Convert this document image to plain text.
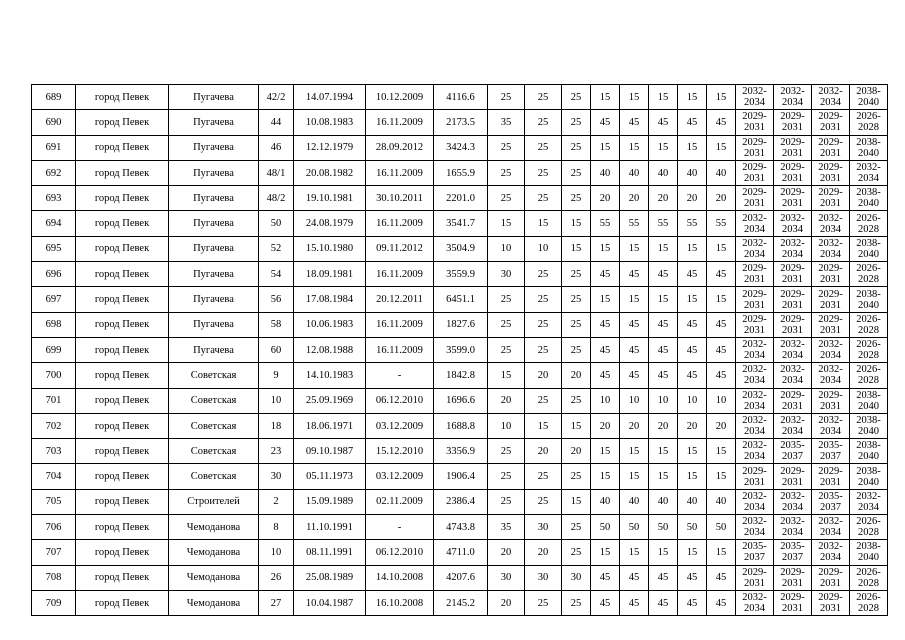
689	город Певек	Пугачева	42/2	14.07.1994	10.12.2009	4116.6	25	25	25	15	15	15	15	15	2032-2034	2032-2034	2032-2034	2038-2040
690	город Певек	Пугачева	44	10.08.1983	16.11.2009	2173.5	35	25	25	45	45	45	45	45	2029-2031	2029-2031	2029-2031	2026-2028
691	город Певек	Пугачева	46	12.12.1979	28.09.2012	3424.3	25	25	25	15	15	15	15	15	2029-2031	2029-2031	2029-2031	2038-2040
692	город Певек	Пугачева	48/1	20.08.1982	16.11.2009	1655.9	25	25	25	40	40	40	40	40	2029-2031	2029-2031	2029-2031	2032-2034
693	город Певек	Пугачева	48/2	19.10.1981	30.10.2011	2201.0	25	25	25	20	20	20	20	20	2029-2031	2029-2031	2029-2031	2038-2040
694	город Певек	Пугачева	50	24.08.1979	16.11.2009	3541.7	15	15	15	55	55	55	55	55	2032-2034	2032-2034	2032-2034	2026-2028
695	город Певек	Пугачева	52	15.10.1980	09.11.2012	3504.9	10	10	15	15	15	15	15	15	2032-2034	2032-2034	2032-2034	2038-2040
696	город Певек	Пугачева	54	18.09.1981	16.11.2009	3559.9	30	25	25	45	45	45	45	45	2029-2031	2029-2031	2029-2031	2026-2028
697	город Певек	Пугачева	56	17.08.1984	20.12.2011	6451.1	25	25	25	15	15	15	15	15	2029-2031	2029-2031	2029-2031	2038-2040
698	город Певек	Пугачева	58	10.06.1983	16.11.2009	1827.6	25	25	25	45	45	45	45	45	2029-2031	2029-2031	2029-2031	2026-2028
699	город Певек	Пугачева	60	12.08.1988	16.11.2009	3599.0	25	25	25	45	45	45	45	45	2032-2034	2032-2034	2032-2034	2026-2028
700	город Певек	Советская	9	14.10.1983	-	1842.8	15	20	20	45	45	45	45	45	2032-2034	2032-2034	2032-2034	2026-2028
701	город Певек	Советская	10	25.09.1969	06.12.2010	1696.6	20	25	25	10	10	10	10	10	2032-2034	2029-2031	2029-2031	2038-2040
702	город Певек	Советская	18	18.06.1971	03.12.2009	1688.8	10	15	15	20	20	20	20	20	2032-2034	2032-2034	2032-2034	2038-2040
703	город Певек	Советская	23	09.10.1987	15.12.2010	3356.9	25	20	20	15	15	15	15	15	2032-2034	2035-2037	2035-2037	2038-2040
704	город Певек	Советская	30	05.11.1973	03.12.2009	1906.4	25	25	25	15	15	15	15	15	2029-2031	2029-2031	2029-2031	2038-2040
705	город Певек	Строителей	2	15.09.1989	02.11.2009	2386.4	25	25	15	40	40	40	40	40	2032-2034	2032-2034	2035-2037	2032-2034
706	город Певек	Чемоданова	8	11.10.1991	-	4743.8	35	30	25	50	50	50	50	50	2032-2034	2032-2034	2032-2034	2026-2028
707	город Певек	Чемоданова	10	08.11.1991	06.12.2010	4711.0	20	20	25	15	15	15	15	15	2035-2037	2035-2037	2032-2034	2038-2040
708	город Певек	Чемоданова	26	25.08.1989	14.10.2008	4207.6	30	30	30	45	45	45	45	45	2029-2031	2029-2031	2029-2031	2026-2028
709	город Певек	Чемоданова	27	10.04.1987	16.10.2008	2145.2	20	25	25	45	45	45	45	45	2032-2034	2029-2031	2029-2031	2026-2028
